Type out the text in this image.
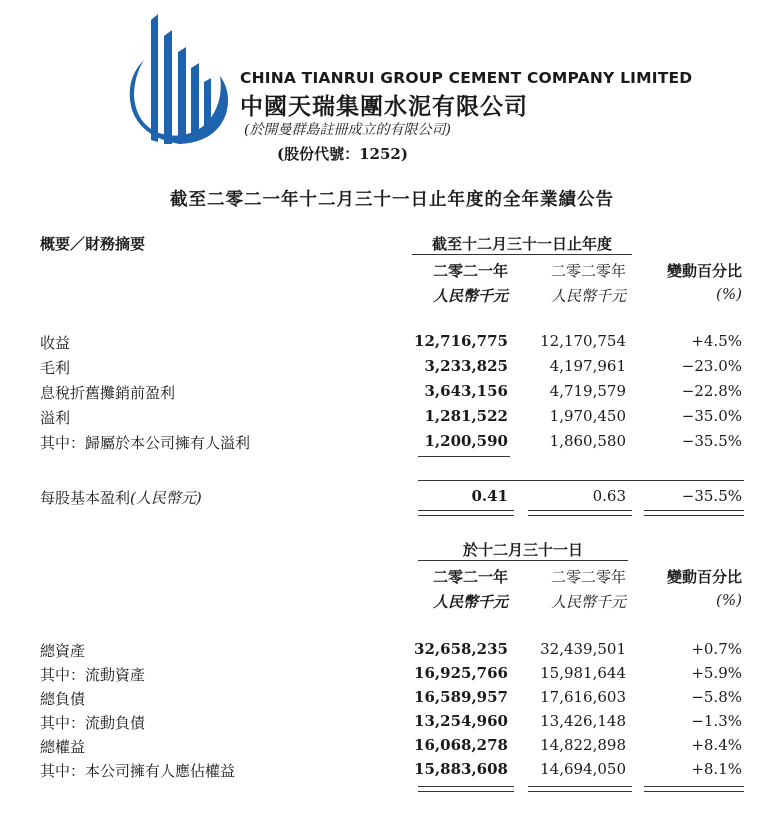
CHINA TIANRUI GROUP CEMENT COMPANY LIMITED
中國天瑞集團水泥有限公司
(於開曼群島註冊成立的有限公司)
(股份代號：1252)
截至二零二一年十二月三十一日止年度的全年業績公告
概要／財務摘要	截至十二月三十一日止年度
二零二一年	二零二零年	變動百分比
人民幣千元	人民幣千元	(%)
收益	12,716,775 12,170,754	+4.5%
毛利	3,233,825	4,197,961	−23.0%
息稅折舊攤銷前盈利	3,643,156	4,719,579	−22.8%
溢利	1,281,522	1,970,450	−35.0%
其中：歸屬於本公司擁有人溢利	1,200,590	1,860,580	−35.5%
每股基本盈利(人民幣元)	0.41	0.63	−35.5%
於十二月三十一日
二零二一年	二零二零年	變動百分比
人民幣千元	人民幣千元	(%)
總資產	32,658,235 32,439,501	+0.7%
其中：流動資產	16,925,766 15,981,644	+5.9%
總負債	16,589,957 17,616,603	−5.8%
其中：流動負債	13,254,960 13,426,148	−1.3%
總權益	16,068,278 14,822,898	+8.4%
其中：本公司擁有人應佔權益	15,883,608 14,694,050	+8.1%
